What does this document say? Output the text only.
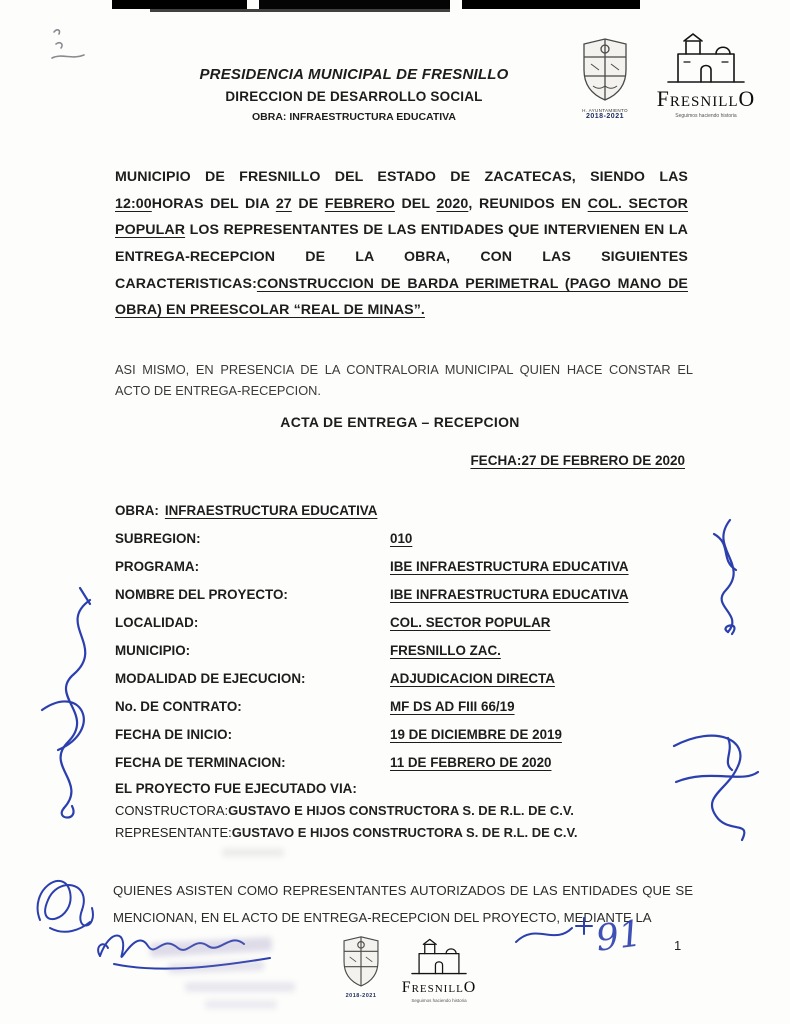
PRESIDENCIA MUNICIPAL DE FRESNILLO
DIRECCION DE DESARROLLO SOCIAL
OBRA: INFRAESTRUCTURA EDUCATIVA
H. AYUNTAMIENTO
2018-2021
FRESNILLO
Seguimos haciendo historia

MUNICIPIO DE FRESNILLO DEL ESTADO DE ZACATECAS, SIENDO LAS 12:00HORAS DEL DIA 27 DE FEBRERO DEL 2020, REUNIDOS EN COL. SECTOR POPULAR LOS REPRESENTANTES DE LAS ENTIDADES QUE INTERVIENEN EN LA ENTREGA-RECEPCION DE LA OBRA, CON LAS SIGUIENTES CARACTERISTICAS:CONSTRUCCION DE BARDA PERIMETRAL (PAGO MANO DE OBRA) EN PREESCOLAR “REAL DE MINAS”.

ASI MISMO, EN PRESENCIA DE LA CONTRALORIA MUNICIPAL QUIEN HACE CONSTAR EL ACTO DE ENTREGA-RECEPCION.

ACTA DE ENTREGA – RECEPCION
FECHA:27 DE FEBRERO DE 2020
OBRA: INFRAESTRUCTURA EDUCATIVA
SUBREGION:	010
PROGRAMA:	IBE INFRAESTRUCTURA EDUCATIVA
NOMBRE DEL PROYECTO:	IBE INFRAESTRUCTURA EDUCATIVA
LOCALIDAD:	COL. SECTOR POPULAR
MUNICIPIO:	FRESNILLO ZAC.
MODALIDAD DE EJECUCION:	ADJUDICACION DIRECTA
No. DE CONTRATO:	MF DS AD FIII 66/19
FECHA DE INICIO:	19 DE DICIEMBRE DE 2019
FECHA DE TERMINACION:	11 DE FEBRERO DE 2020
EL PROYECTO FUE EJECUTADO VIA:
CONSTRUCTORA:GUSTAVO E HIJOS CONSTRUCTORA S. DE R.L. DE C.V.
REPRESENTANTE:GUSTAVO E HIJOS CONSTRUCTORA S. DE R.L. DE C.V.

QUIENES ASISTEN COMO REPRESENTANTES AUTORIZADOS DE LAS ENTIDADES QUE SE MENCIONAN, EN EL ACTO DE ENTREGA-RECEPCION DEL PROYECTO, MEDIANTE LA

2018-2021	FRESNILLO
Seguimos haciendo historia
1
91
